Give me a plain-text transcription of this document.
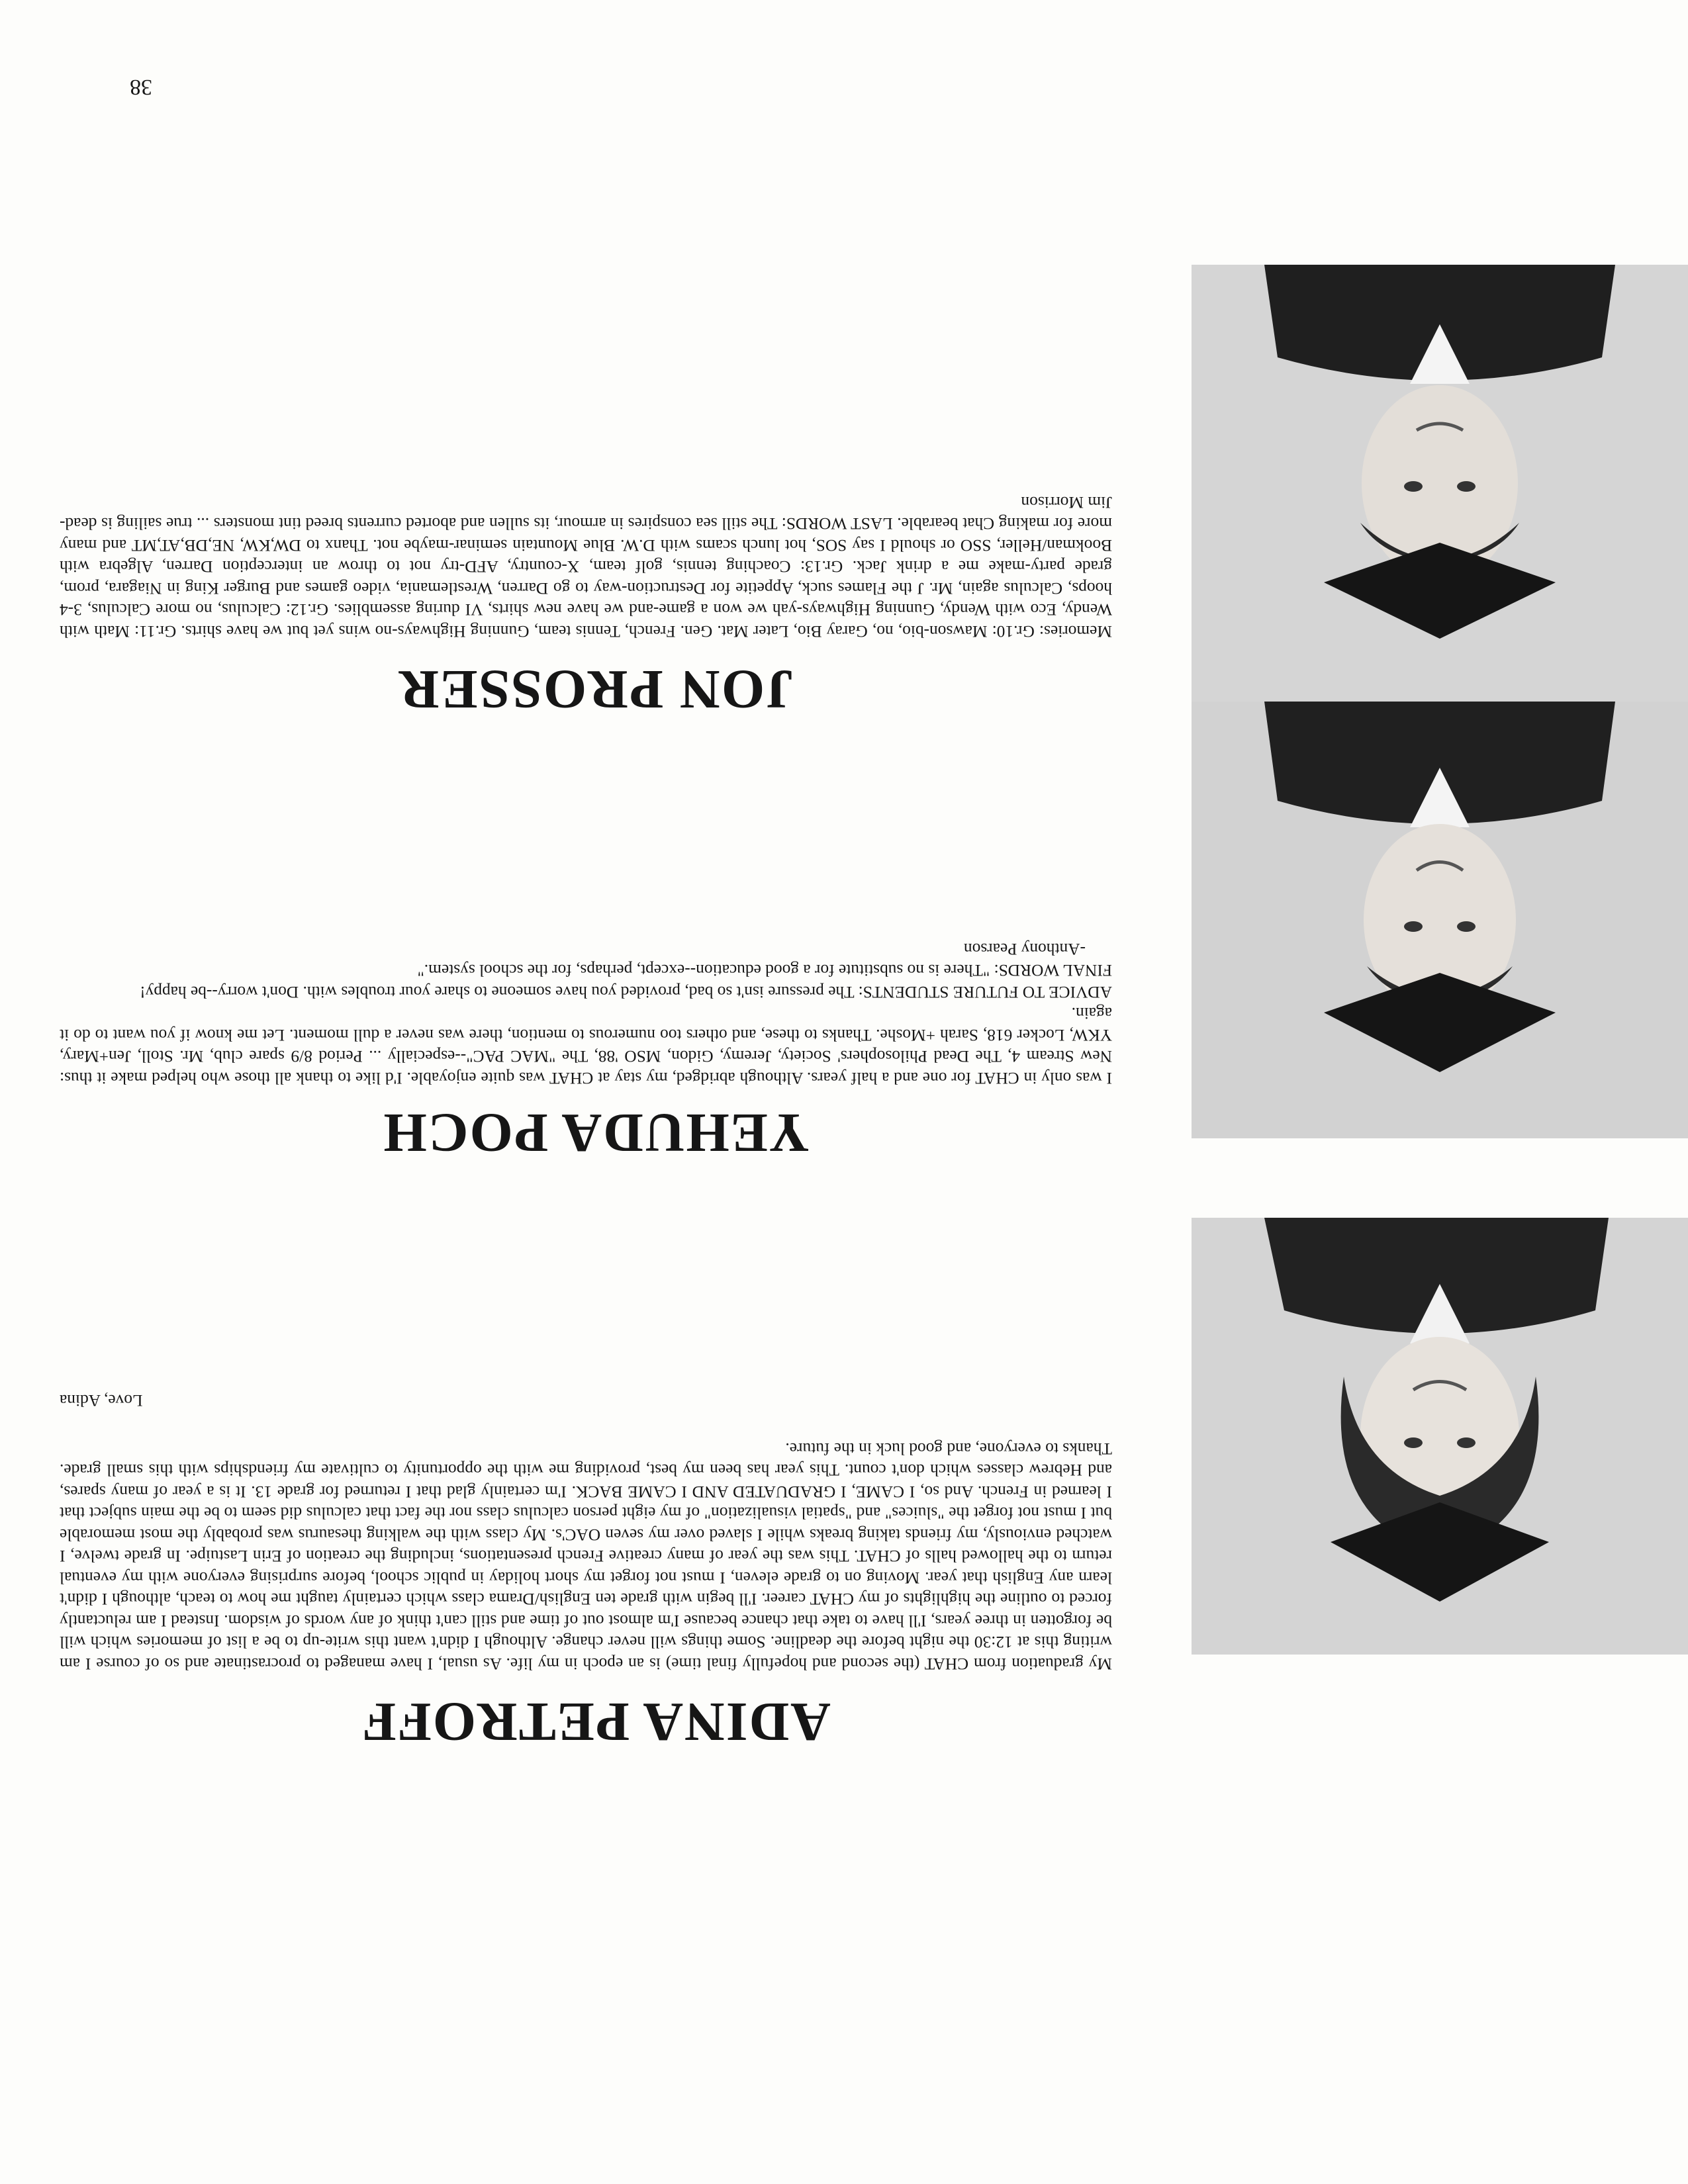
38
ADINA PETROFF

My graduation from CHAT (the second and hopefully final time) is an epoch in my life. As usual, I have managed to procrastinate and so of course I am writing this at 12:30 the night before the deadline. Some things will never change. Although I didn't want this write-up to be a list of memories which will be forgotten in three years, I'll have to take that chance because I'm almost out of time and still can't think of any words of wisdom. Instead I am reluctantly forced to outline the highlights of my CHAT career. I'll begin with grade ten English/Drama class which certainly taught me how to teach, although I didn't learn any English that year. Moving on to grade eleven, I must not forget my short holiday in public school, before surprising everyone with my eventual return to the hallowed halls of CHAT. This was the year of many creative French presentations, including the creation of Erin Lastuipe. In grade twelve, I watched enviously, my friends taking breaks while I slaved over my seven OAC's. My class with the walking thesaurus was probably the most memorable but I must not forget the "sluices" and "spatial visualization" of my eight person calculus class nor the fact that calculus did seem to be the main subject that I learned in French. And so, I CAME, I GRADUATED AND I CAME BACK. I'm certainly glad that I returned for grade 13. It is a year of many spares, and Hebrew classes which don't count. This year has been my best, providing me with the opportunity to cultivate my friendships with this small grade. Thanks to everyone, and good luck in the future.

Love, Adina

YEHUDA POCH

I was only in CHAT for one and a half years. Although abridged, my stay at CHAT was quite enjoyable. I'd like to thank all those who helped make it thus: New Stream 4, The Dead Philosophers' Society, Jeremy, Gidon, MSO '88, The "MAC PAC"--especially ... Period 8/9 spare club, Mr. Stoll, Jen+Mary, YKW, Locker 618, Sarah +Moshe. Thanks to these, and others too numerous to mention, there was never a dull moment. Let me know if you want to do it again.

ADVICE TO FUTURE STUDENTS: The pressure isn't so bad, provided you have someone to share your troubles with. Don't worry--be happy!

FINAL WORDS: "There is no substitute for a good education--except, perhaps, for the school system."

-Anthony Pearson

JON PROSSER

Memories: Gr.10: Mawson-bio, no, Garay Bio, Later Mat. Gen. French, Tennis team, Gunning Highways-no wins yet but we have shirts. Gr.11: Math with Wendy, Eco with Wendy, Gunning Highways-yah we won a game-and we have new shirts, VI during assemblies. Gr.12: Calculus, no more Calculus, 3-4 hoops, Calculus again, Mr. J the Flames suck, Appetite for Destruction-way to go Darren, Wrestlemania, video games and Burger King in Niagara, prom, grade party-make me a drink Jack. Gr.13: Coaching tennis, golf team, X-country, AFD-try not to throw an interception Darren, Algebra with Bookman/Heller, SSO or should I say SOS, hot lunch scams with D.W. Blue Mountain seminar-maybe not. Thanx to DW,KW, NE,DB,AT,MT and many more for making Chat bearable. LAST WORDS: The still sea conspires in armour, its sullen and aborted currents breed tint monsters ... true sailing is dead-Jim Morrison
